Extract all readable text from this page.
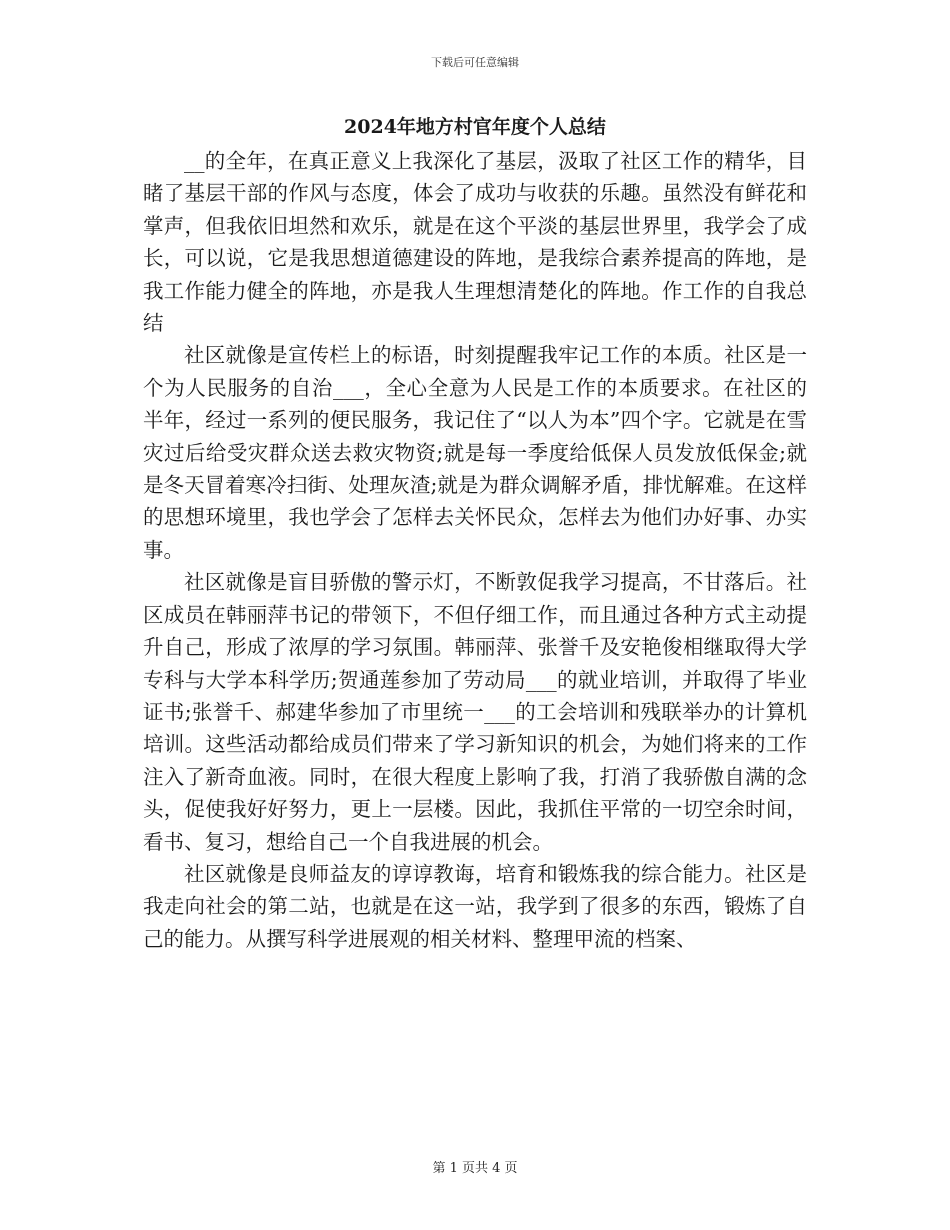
下载后可任意编辑
2024年地方村官年度个人总结

__的全年，在真正意义上我深化了基层，汲取了社区工作的精华，目睹了基层干部的作风与态度，体会了成功与收获的乐趣。虽然没有鲜花和掌声，但我依旧坦然和欢乐，就是在这个平淡的基层世界里，我学会了成长，可以说，它是我思想道德建设的阵地，是我综合素养提高的阵地，是我工作能力健全的阵地，亦是我人生理想清楚化的阵地。作工作的自我总结

社区就像是宣传栏上的标语，时刻提醒我牢记工作的本质。社区是一个为人民服务的自治___，全心全意为人民是工作的本质要求。在社区的半年，经过一系列的便民服务，我记住了“以人为本”四个字。它就是在雪灾过后给受灾群众送去救灾物资;就是每一季度给低保人员发放低保金;就是冬天冒着寒冷扫街、处理灰渣;就是为群众调解矛盾，排忧解难。在这样的思想环境里，我也学会了怎样去关怀民众，怎样去为他们办好事、办实事。

社区就像是盲目骄傲的警示灯，不断敦促我学习提高，不甘落后。社区成员在韩丽萍书记的带领下，不但仔细工作，而且通过各种方式主动提升自己，形成了浓厚的学习氛围。韩丽萍、张誉千及安艳俊相继取得大学专科与大学本科学历;贺通莲参加了劳动局___的就业培训，并取得了毕业证书;张誉千、郝建华参加了市里统一___的工会培训和残联举办的计算机培训。这些活动都给成员们带来了学习新知识的机会，为她们将来的工作注入了新奇血液。同时，在很大程度上影响了我，打消了我骄傲自满的念头，促使我好好努力，更上一层楼。因此，我抓住平常的一切空余时间，看书、复习，想给自己一个自我进展的机会。

社区就像是良师益友的谆谆教诲，培育和锻炼我的综合能力。社区是我走向社会的第二站，也就是在这一站，我学到了很多的东西，锻炼了自己的能力。从撰写科学进展观的相关材料、整理甲流的档案、

第 1 页共 4 页
